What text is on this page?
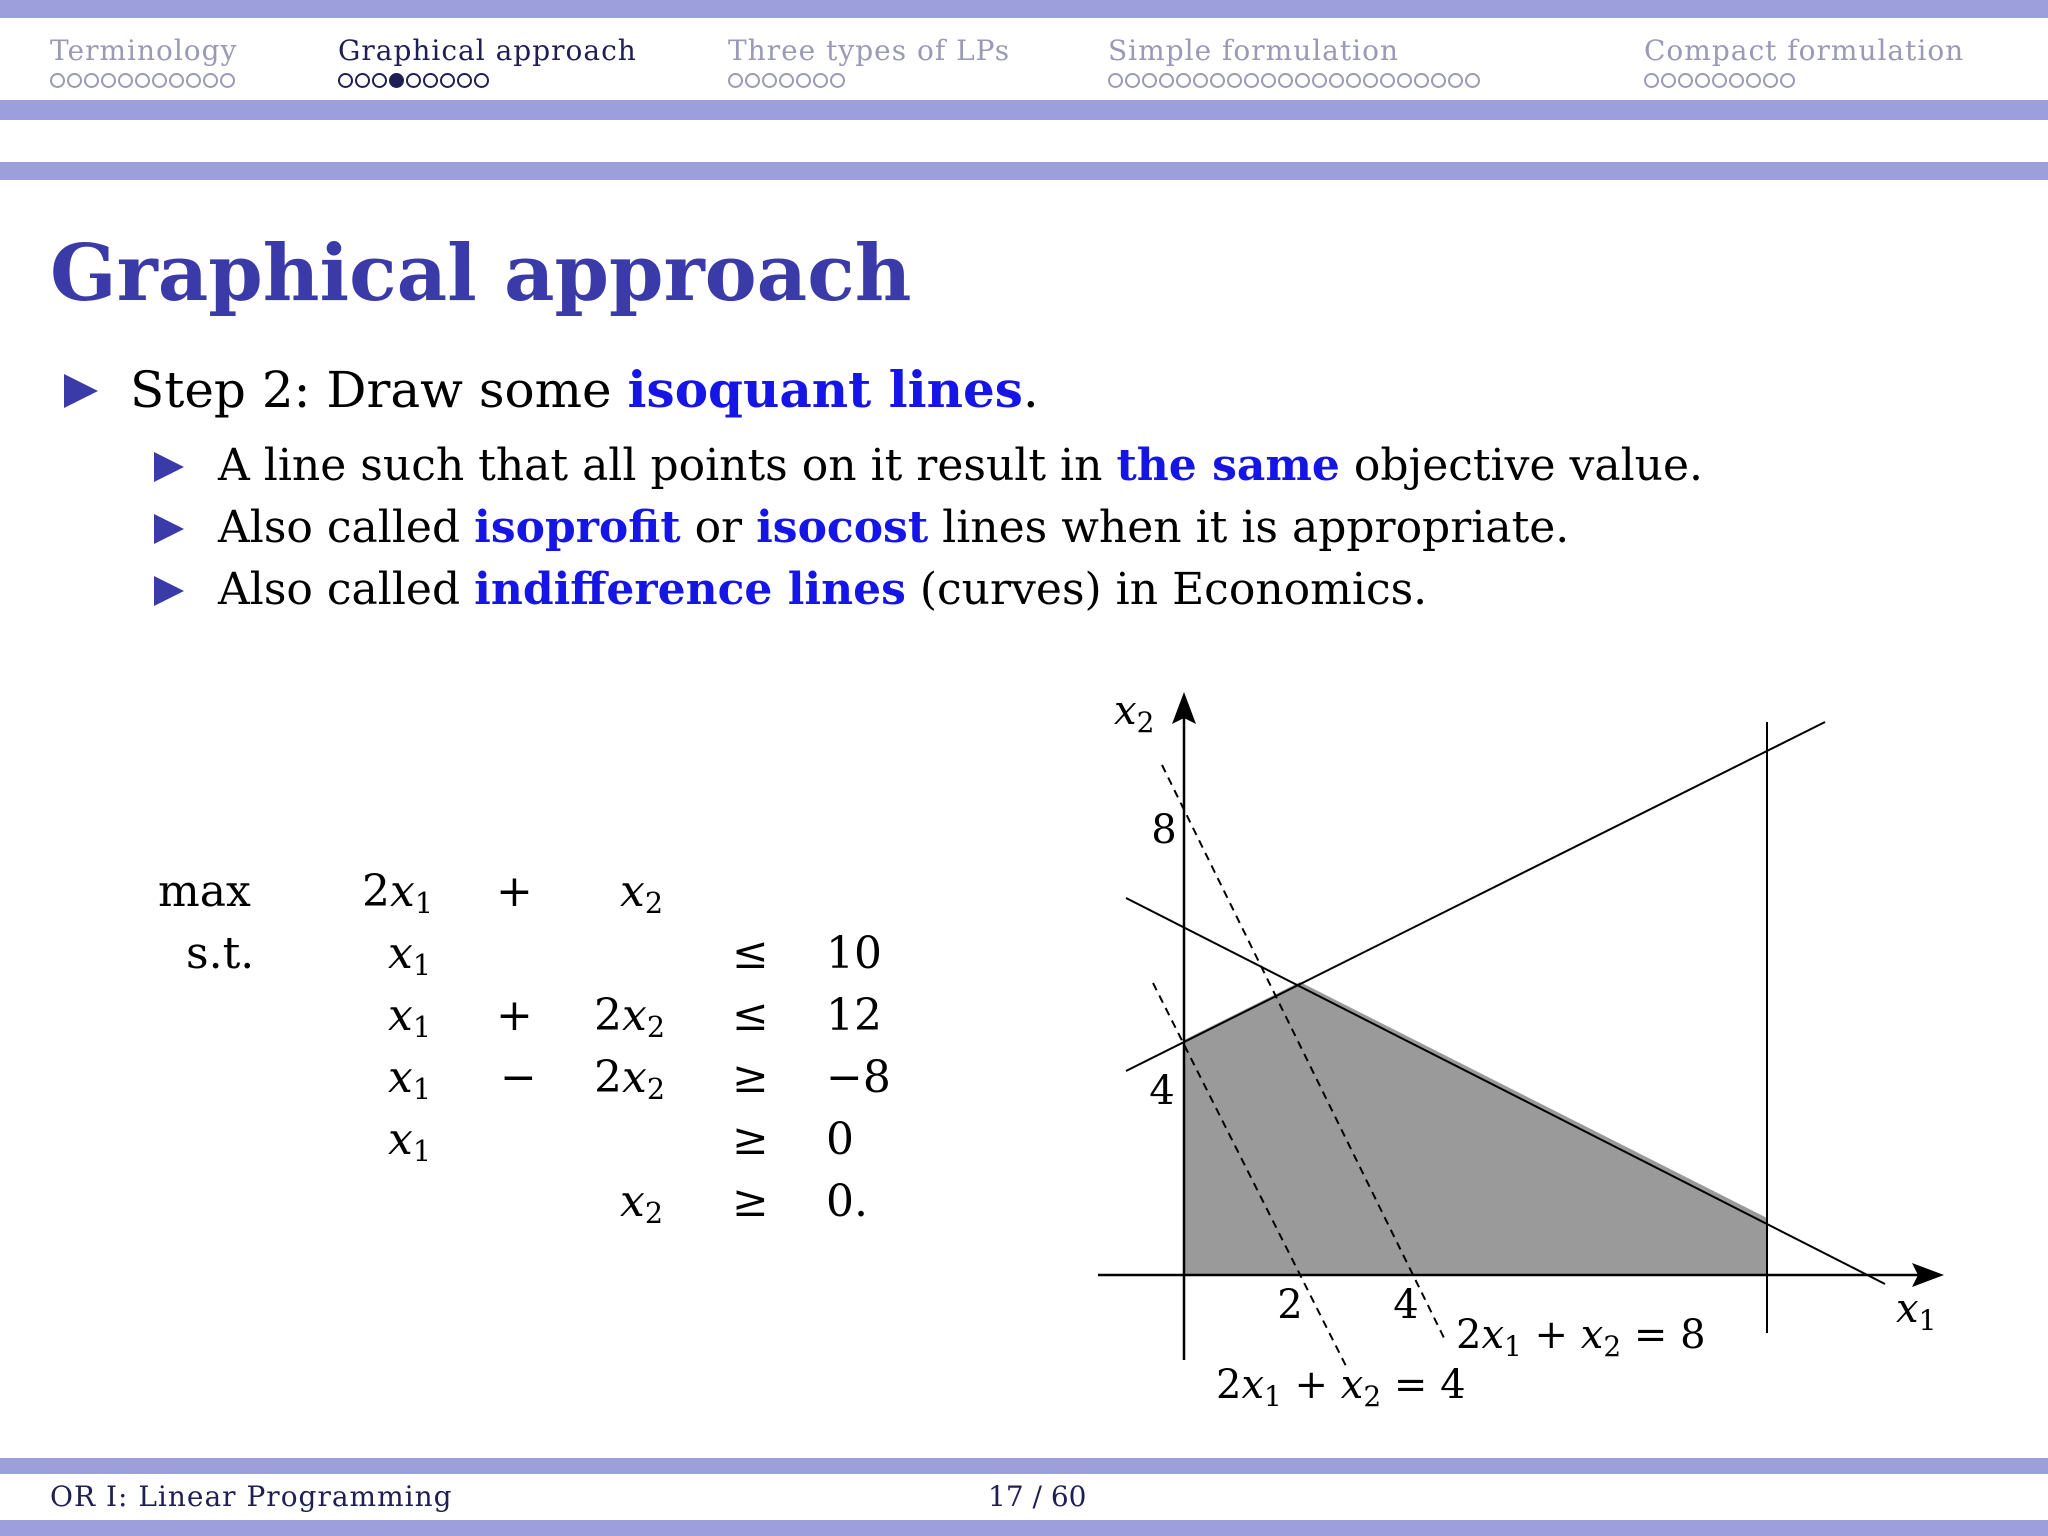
Terminology	Graphical approach	Three types of LPs	Simple formulation	Compact formulation
Graphical approach
Step 2: Draw some isoquant lines.
A line such that all points on it result in the same objective value.
Also called isoprofit or isocost lines when it is appropriate.
Also called indifference lines (curves) in Economics.
max	$2x_1 + x_2$
s.t.	$x_1$	≤ 10
$x_1 + 2x_2 \le 12$
$x_1 - 2x_2 \ge -8$
$x_1$	≥ 0
$x_2 \ge 0$.
2 4
4
8
$x_2$
$x_1$
$2x_1 + x_2 = 8$
$2x_1 + x_2 = 4$
OR I: Linear Programming	17 / 60
